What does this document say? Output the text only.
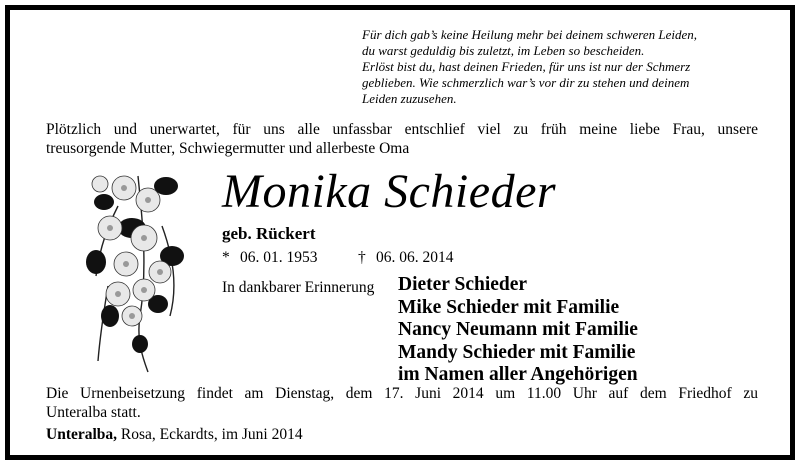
Für dich gab’s keine Heilung mehr bei deinem schweren Leiden,
du warst geduldig bis zuletzt, im Leben so bescheiden.
Erlöst bist du, hast deinen Frieden, für uns ist nur der Schmerz
geblieben. Wie schmerzlich war’s vor dir zu stehen und deinem
Leiden zuzusehen.
Plötzlich und unerwartet, für uns alle unfassbar entschlief viel zu früh meine liebe Frau, unsere
treusorgende Mutter, Schwiegermutter und allerbeste Oma
Monika Schieder
geb. Rückert
* 06. 01. 1953	† 06. 06. 2014
In dankbarer Erinnerung Dieter Schieder
Mike Schieder mit Familie
Nancy Neumann mit Familie
Mandy Schieder mit Familie
im Namen aller Angehörigen
Die Urnenbeisetzung findet am Dienstag, dem 17. Juni 2014 um 11.00 Uhr auf dem Friedhof zu
Unteralba statt.
Unteralba, Rosa, Eckardts, im Juni 2014
